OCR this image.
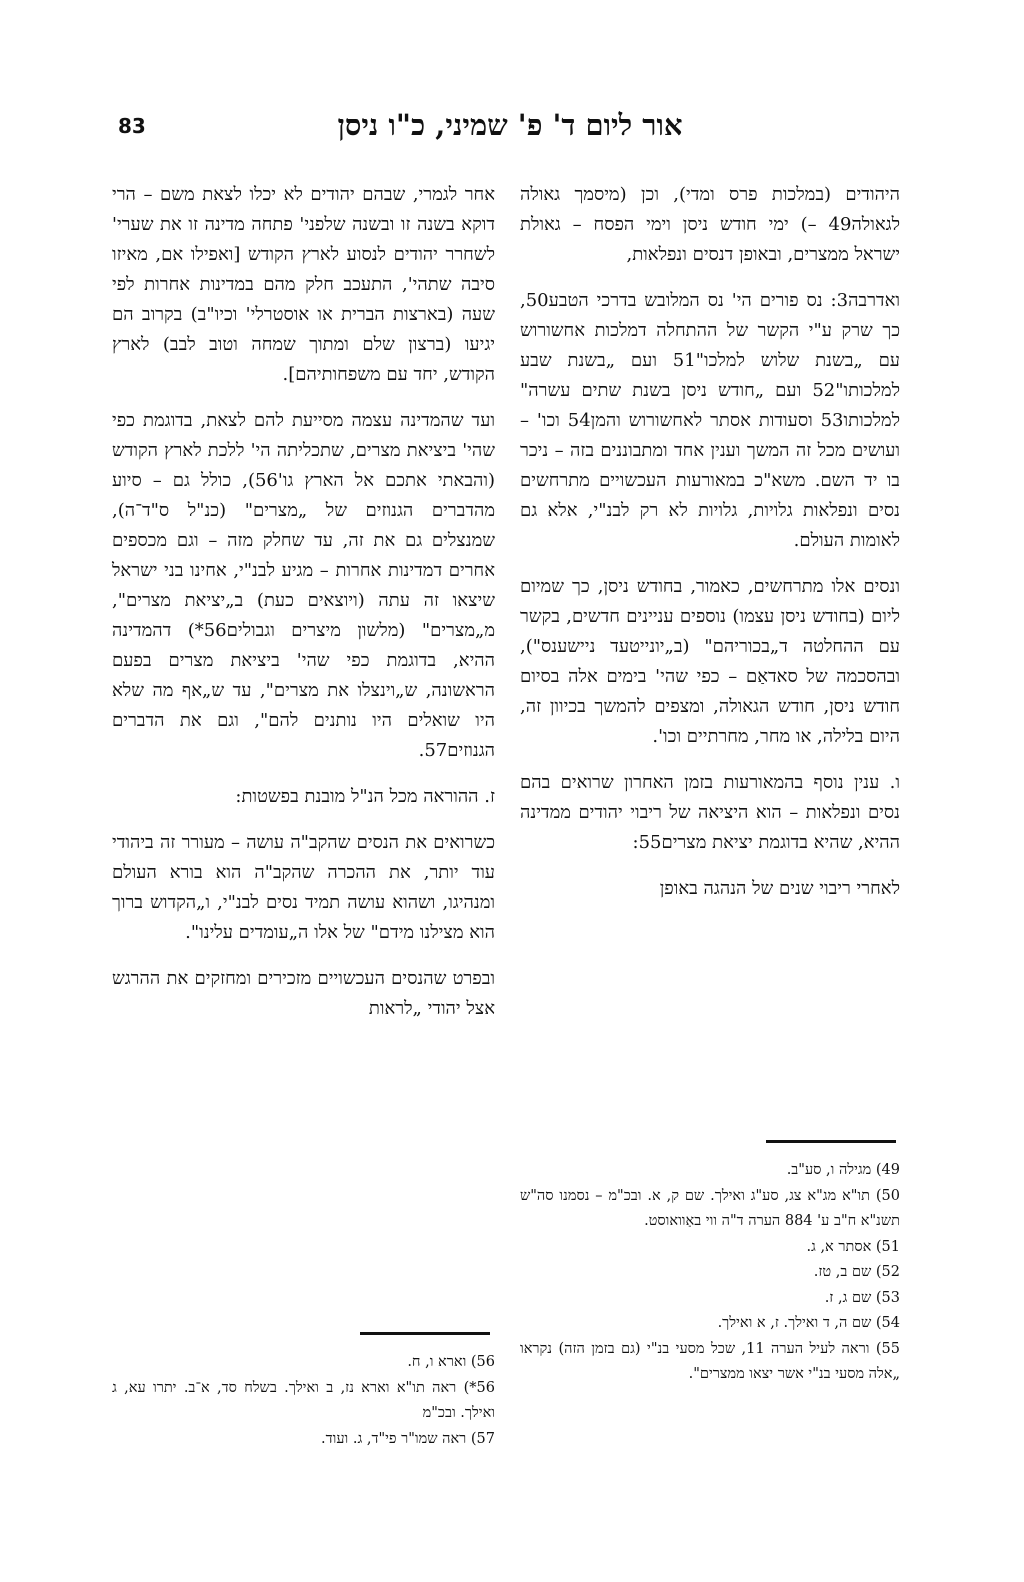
83	אור ליום ד' פ' שמיני, כ"ו ניסן

היהודים (במלכות פרס ומדי), וכן (מיסמך גאולה לגאולה49 –) ימי חודש ניסן וימי הפסח – גאולת ישראל ממצרים, ובאופן דנסים ונפלאות,

ואדרבה3: נס פורים הי' נס המלובש בדרכי הטבע50, כך שרק ע"י הקשר של ההתחלה דמלכות אחשורוש עם „בשנת שלוש למלכו"51 ועם „בשנת שבע למלכותו"52 ועם „חודש ניסן בשנת שתים עשרה" למלכותו53 וסעודות אסתר לאחשורוש והמן54 וכו' – ועושים מכל זה המשך וענין אחד ומתבוננים בזה – ניכר בו יד השם. משא"כ במאורעות העכשויים מתרחשים נסים ונפלאות גלויות, גלויות לא רק לבנ"י, אלא גם לאומות העולם.

ונסים אלו מתרחשים, כאמור, בחודש ניסן, כך שמיום ליום (בחודש ניסן עצמו) נוספים עניינים חדשים, בקשר עם ההחלטה ד„בכוריהם" (ב„יונייטעד ניישענס"), ובהסכמה של סאדאַם – כפי שהי' בימים אלה בסיום חודש ניסן, חודש הגאולה, ומצפים להמשך בכיוון זה, היום בלילה, או מחר, מחרתיים וכו'.

ו. ענין נוסף בהמאורעות בזמן האחרון שרואים בהם נסים ונפלאות – הוא היציאה של ריבוי יהודים ממדינה ההיא, שהיא בדוגמת יציאת מצרים55:

לאחרי ריבוי שנים של הנהגה באופן

אחר לגמרי, שבהם יהודים לא יכלו לצאת משם – הרי דוקא בשנה זו ובשנה שלפני' פתחה מדינה זו את שערי' לשחרר יהודים לנסוע לארץ הקודש [ואפילו אם, מאיזו סיבה שתהי', התעכב חלק מהם במדינות אחרות לפי שעה (בארצות הברית או אוסטרלי' וכיו"ב) בקרוב הם יגיעו (ברצון שלם ומתוך שמחה וטוב לבב) לארץ הקודש, יחד עם משפחותיהם].

ועד שהמדינה עצמה מסייעת להם לצאת, בדוגמת כפי שהי' ביציאת מצרים, שתכליתה הי' ללכת לארץ הקודש (והבאתי אתכם אל הארץ גו'56), כולל גם – סיוע מהדברים הגנוזים של „מצרים" (כנ"ל ס"ד־ה), שמנצלים גם את זה, עד שחלק מזה – וגם מכספים אחרים דמדינות אחרות – מגיע לבנ"י, אחינו בני ישראל שיצאו זה עתה (ויוצאים כעת) ב„יציאת מצרים", מ„מצרים" (מלשון מיצרים וגבולים56*) דהמדינה ההיא, בדוגמת כפי שהי' ביציאת מצרים בפעם הראשונה, ש„וינצלו את מצרים", עד ש„אף מה שלא היו שואלים היו נותנים להם", וגם את הדברים הגנוזים57.

ז. ההוראה מכל הנ"ל מובנת בפשטות:

כשרואים את הנסים שהקב"ה עושה – מעורר זה ביהודי עוד יותר, את ההכרה שהקב"ה הוא בורא העולם ומנהיגו, ושהוא עושה תמיד נסים לבנ"י, ו„הקדוש ברוך הוא מצילנו מידם" של אלו ה„עומדים עלינו".

ובפרט שהנסים העכשויים מזכירים ומחזקים את ההרגש אצל יהודי „לראות

49) מגילה ו, סע"ב.
50) תו"א מג"א צג, סע"ג ואילך. שם ק, א. ובכ"מ – נסמנו סה"ש תשנ"א ח"ב ע' 884 הערה ד"ה ווי באַוואוסט.
51) אסתר א, ג.
52) שם ב, טז.
53) שם ג, ז.
54) שם ה, ד ואילך. ז, א ואילך.
55) וראה לעיל הערה 11, שכל מסעי בנ"י (גם בזמן הזה) נקראו „אלה מסעי בנ"י אשר יצאו ממצרים".
56) וארא ו, ח.
56*) ראה תו"א וארא נז, ב ואילך. בשלח סד, א־ב. יתרו עא, ג ואילך. ובכ"מ
57) ראה שמו"ר פי"ד, ג. ועוד.
